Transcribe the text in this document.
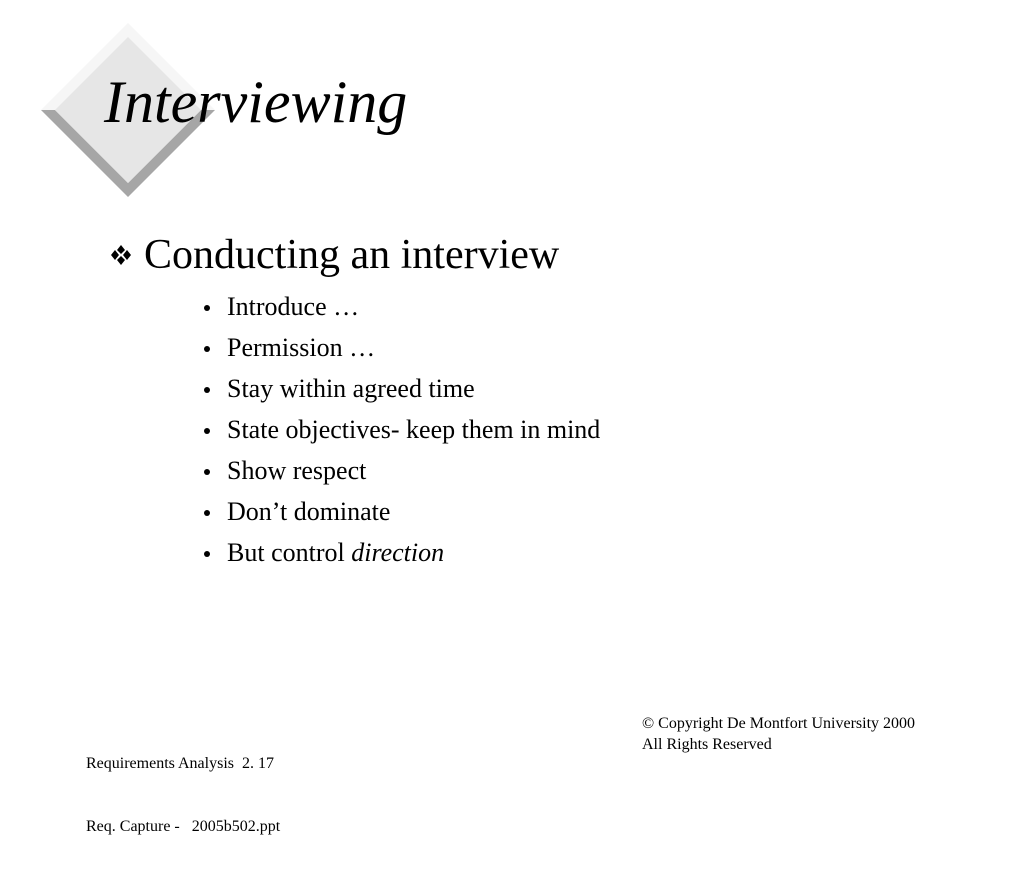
Interviewing
Conducting an interview
Introduce …
Permission …
Stay within agreed time
State objectives- keep them in mind
Show respect
Don’t dominate
But control direction

Requirements Analysis  2. 17

Req. Capture -   2005b502.ppt

© Copyright De Montfort University 2000
All Rights Reserved
